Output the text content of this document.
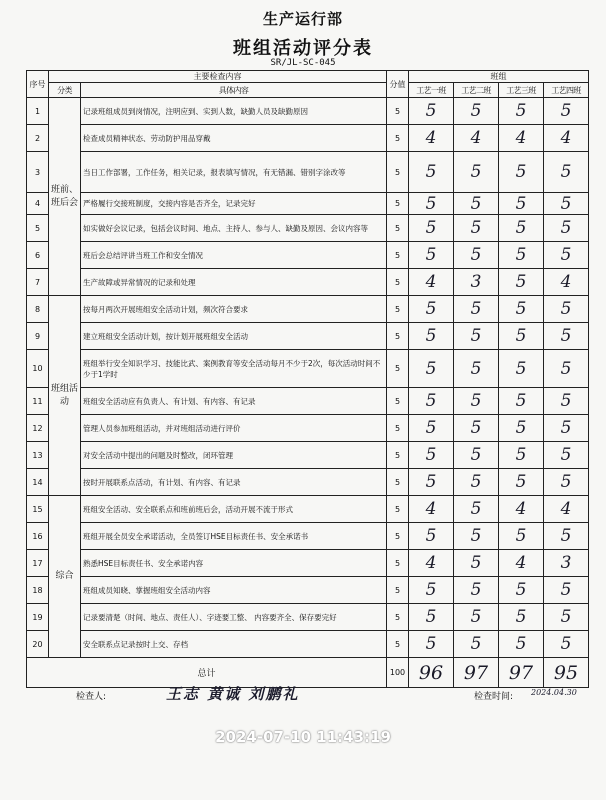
生产运行部
班组活动评分表
SR/JL-SC-045
序号	主要检查内容		分值	班组			
	分类	具体内容		工艺一班	工艺二班	工艺三班	工艺四班
1	班前、班后会	记录班组成员到岗情况，注明应到、实到人数，缺勤人员及缺勤原因	5	5	5	5	5
2		检查成员精神状态、劳动防护用品穿戴	5	4	4	4	4
3		当日工作部署，工作任务，相关记录，报表填写情况，有无错漏、错别字涂改等	5	5	5	5	5
4		严格履行交接班制度，交接内容是否齐全，记录完好	5	5	5	5	5
5		如实做好会议记录，包括会议时间、地点、主持人、参与人、缺勤及原因、会议内容等	5	5	5	5	5
6		班后会总结评讲当班工作和安全情况	5	5	5	5	5
7		生产故障或异常情况的记录和处理	5	4	3	5	4
8	班组活动	按每月两次开展班组安全活动计划，频次符合要求	5	5	5	5	5
9		建立班组安全活动计划，按计划开展班组安全活动	5	5	5	5	5
10		班组举行安全知识学习、技能比武、案例教育等安全活动每月不少于2次，每次活动时间不少于1学时	5	5	5	5	5
11		班组安全活动应有负责人、有计划、有内容、有记录	5	5	5	5	5
12		管理人员参加班组活动，并对班组活动进行评价	5	5	5	5	5
13		对安全活动中提出的问题及时整改，闭环管理	5	5	5	5	5
14		按时开展联系点活动，有计划、有内容、有记录	5	5	5	5	5
15	综合	班组安全活动、安全联系点和班前班后会，活动开展不流于形式	5	4	5	4	4
16		班组开展全员安全承诺活动，全员签订HSE目标责任书、安全承诺书	5	5	5	5	5
17		熟悉HSE目标责任书、安全承诺内容	5	4	5	4	3
18		班组成员知晓、掌握班组安全活动内容	5	5	5	5	5
19		记录要清楚（时间、地点、责任人）、字迹要工整、 内容要齐全、保存要完好	5	5	5	5	5
20		安全联系点记录按时上交、存档	5	5	5	5	5
总计			100	96	97	97	95
检查人:	王志 黄诚 刘鹏礼	检查时间: 2024.04.30
2024-07-10 11:43:19
